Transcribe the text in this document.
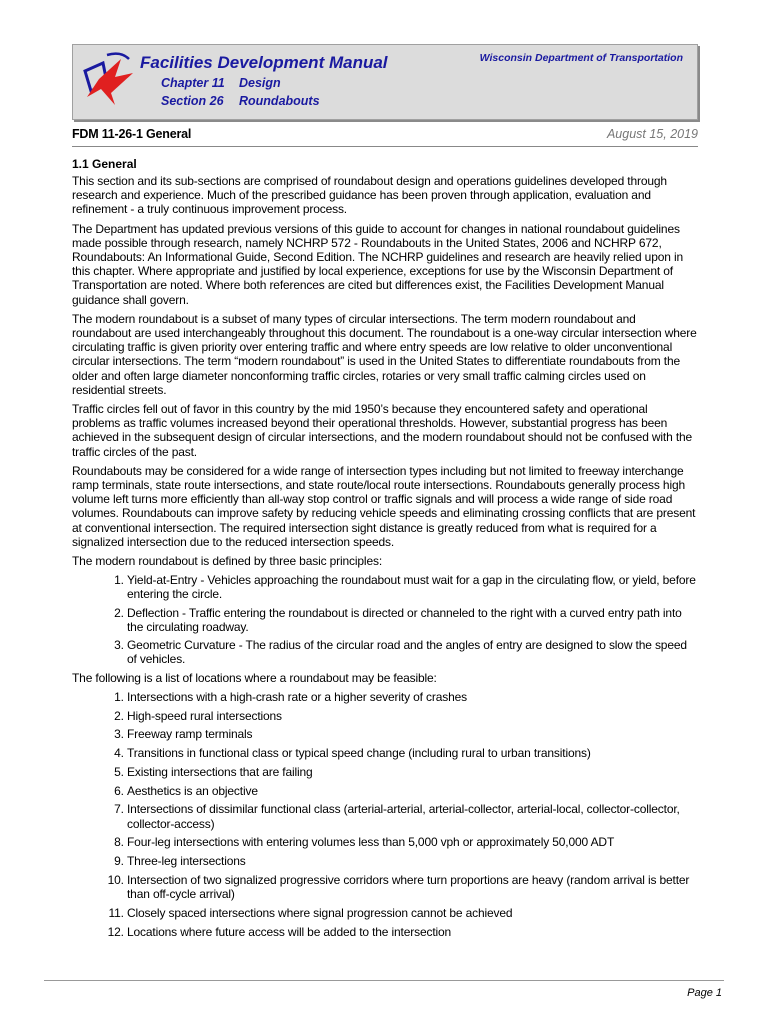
Facilities Development Manual	Wisconsin Department of Transportation
Chapter 11 Design
Section 26 Roundabouts
FDM 11-26-1 General	August 15, 2019
1.1 General

This section and its sub-sections are comprised of roundabout design and operations guidelines developed through research and experience. Much of the prescribed guidance has been proven through application, evaluation and refinement - a truly continuous improvement process.

The Department has updated previous versions of this guide to account for changes in national roundabout guidelines made possible through research, namely NCHRP 572 - Roundabouts in the United States, 2006 and NCHRP 672, Roundabouts: An Informational Guide, Second Edition. The NCHRP guidelines and research are heavily relied upon in this chapter. Where appropriate and justified by local experience, exceptions for use by the Wisconsin Department of Transportation are noted. Where both references are cited but differences exist, the Facilities Development Manual guidance shall govern.

The modern roundabout is a subset of many types of circular intersections. The term modern roundabout and roundabout are used interchangeably throughout this document. The roundabout is a one-way circular intersection where circulating traffic is given priority over entering traffic and where entry speeds are low relative to older unconventional circular intersections. The term “modern roundabout” is used in the United States to differentiate roundabouts from the older and often large diameter nonconforming traffic circles, rotaries or very small traffic calming circles used on residential streets.

Traffic circles fell out of favor in this country by the mid 1950’s because they encountered safety and operational problems as traffic volumes increased beyond their operational thresholds. However, substantial progress has been achieved in the subsequent design of circular intersections, and the modern roundabout should not be confused with the traffic circles of the past.

Roundabouts may be considered for a wide range of intersection types including but not limited to freeway interchange ramp terminals, state route intersections, and state route/local route intersections. Roundabouts generally process high volume left turns more efficiently than all-way stop control or traffic signals and will process a wide range of side road volumes. Roundabouts can improve safety by reducing vehicle speeds and eliminating crossing conflicts that are present at conventional intersection. The required intersection sight distance is greatly reduced from what is required for a signalized intersection due to the reduced intersection speeds.

The modern roundabout is defined by three basic principles:

1. Yield-at-Entry - Vehicles approaching the roundabout must wait for a gap in the circulating flow, or yield, before entering the circle.
2. Deflection - Traffic entering the roundabout is directed or channeled to the right with a curved entry path into the circulating roadway.
3. Geometric Curvature - The radius of the circular road and the angles of entry are designed to slow the speed of vehicles.

The following is a list of locations where a roundabout may be feasible:

1. Intersections with a high-crash rate or a higher severity of crashes
2. High-speed rural intersections
3. Freeway ramp terminals
4. Transitions in functional class or typical speed change (including rural to urban transitions)
5. Existing intersections that are failing
6. Aesthetics is an objective
7. Intersections of dissimilar functional class (arterial-arterial, arterial-collector, arterial-local, collector-collector, collector-access)
8. Four-leg intersections with entering volumes less than 5,000 vph or approximately 50,000 ADT
9. Three-leg intersections
10. Intersection of two signalized progressive corridors where turn proportions are heavy (random arrival is better than off-cycle arrival)
11. Closely spaced intersections where signal progression cannot be achieved
12. Locations where future access will be added to the intersection
Page 1
